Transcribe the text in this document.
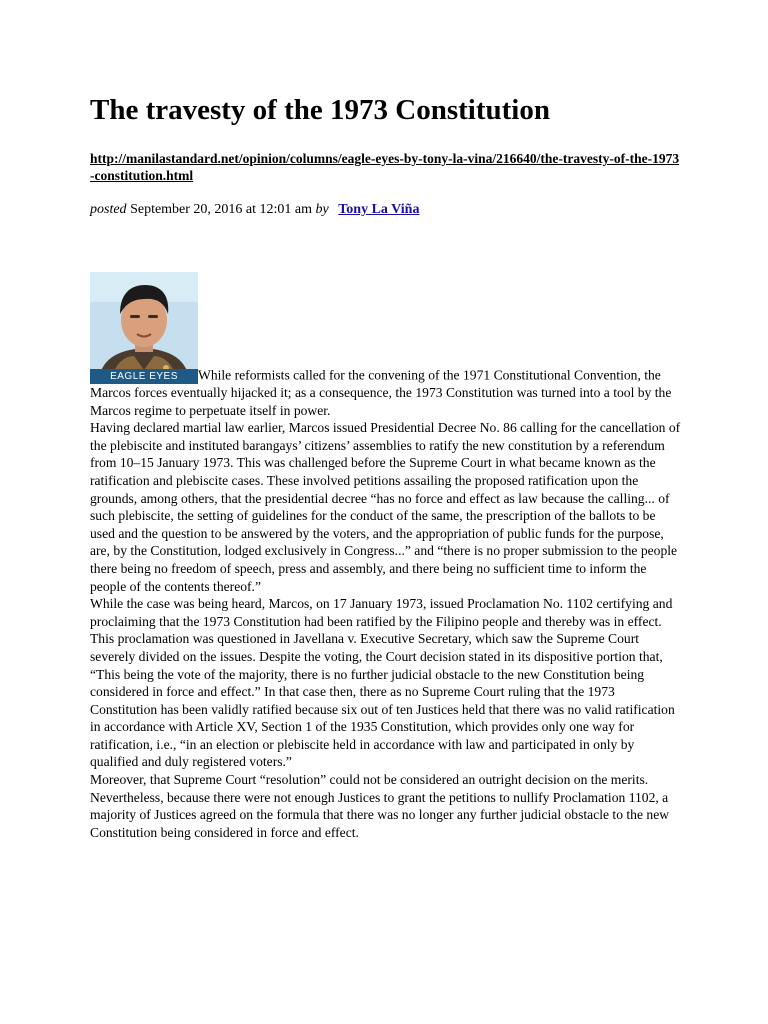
The travesty of the 1973 Constitution
http://manilastandard.net/opinion/columns/eagle-eyes-by-tony-la-vina/216640/the-travesty-of-the-1973-constitution.html
posted September 20, 2016 at 12:01 am by Tony La Viña

EAGLE EYES	While reformists called for the convening of the 1971 Constitutional Convention, the Marcos forces eventually hijacked it; as a consequence, the 1973 Constitution was turned into a tool by the Marcos regime to perpetuate itself in power.

Having declared martial law earlier, Marcos issued Presidential Decree No. 86 calling for the cancellation of the plebiscite and instituted barangays’ citizens’ assemblies to ratify the new constitution by a referendum from 10–15 January 1973. This was challenged before the Supreme Court in what became known as the ratification and plebiscite cases. These involved petitions assailing the proposed ratification upon the grounds, among others, that the presidential decree “has no force and effect as law because the calling... of such plebiscite, the setting of guidelines for the conduct of the same, the prescription of the ballots to be used and the question to be answered by the voters, and the appropriation of public funds for the purpose, are, by the Constitution, lodged exclusively in Congress...” and “there is no proper submission to the people there being no freedom of speech, press and assembly, and there being no sufficient time to inform the people of the contents thereof.”

While the case was being heard, Marcos, on 17 January 1973, issued Proclamation No. 1102 certifying and proclaiming that the 1973 Constitution had been ratified by the Filipino people and thereby was in effect. This proclamation was questioned in Javellana v. Executive Secretary, which saw the Supreme Court severely divided on the issues. Despite the voting, the Court decision stated in its dispositive portion that, “This being the vote of the majority, there is no further judicial obstacle to the new Constitution being considered in force and effect.” In that case then, there as no Supreme Court ruling that the 1973 Constitution has been validly ratified because six out of ten Justices held that there was no valid ratification in accordance with Article XV, Section 1 of the 1935 Constitution, which provides only one way for ratification, i.e., “in an election or plebiscite held in accordance with law and participated in only by qualified and duly registered voters.”

Moreover, that Supreme Court “resolution” could not be considered an outright decision on the merits. Nevertheless, because there were not enough Justices to grant the petitions to nullify Proclamation 1102, a majority of Justices agreed on the formula that there was no longer any further judicial obstacle to the new Constitution being considered in force and effect.
